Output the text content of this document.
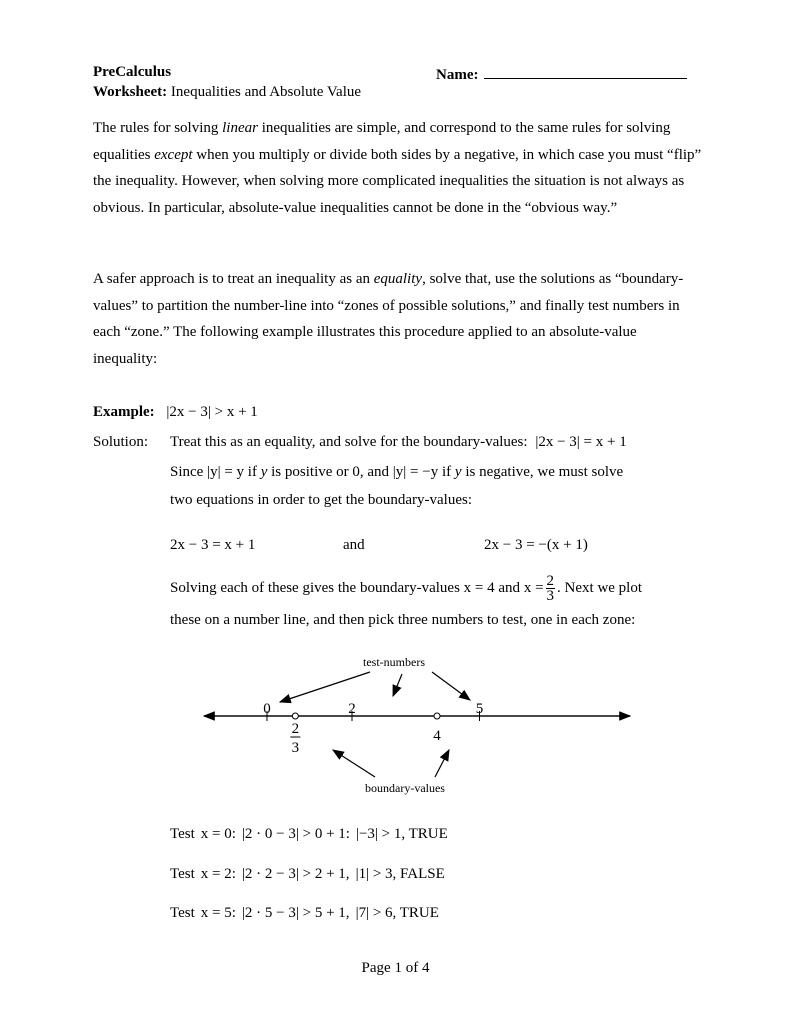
PreCalculus
Worksheet: Inequalities and Absolute Value
Name:
The rules for solving linear inequalities are simple, and correspond to the same rules for solving equalities except when you multiply or divide both sides by a negative, in which case you must “flip” the inequality. However, when solving more complicated inequalities the situation is not always as obvious. In particular, absolute-value inequalities cannot be done in the “obvious way.”
A safer approach is to treat an inequality as an equality, solve that, use the solutions as “boundary-values” to partition the number-line into “zones of possible solutions,” and finally test numbers in each “zone.” The following example illustrates this procedure applied to an absolute-value inequality:
Example: |2x − 3| > x + 1
Solution: Treat this as an equality, and solve for the boundary-values: |2x − 3| = x + 1
Since |y| = y if y is positive or 0, and |y| = −y if y is negative, we must solve
two equations in order to get the boundary-values:
2x − 3 = x + 1	and	2x − 3 = −(x + 1)
Solving each of these gives the boundary-values x = 4 and $x = \frac{2}{3}$ . Next we plot
these on a number line, and then pick three numbers to test, one in each zone:
test-numbers
0	2	5
2
3
4
boundary-values
Test x = 0: |2 · 0 − 3| > 0 + 1: |−3| > 1, TRUE
Test x = 2: |2 · 2 − 3| > 2 + 1, |1| > 3, FALSE
Test x = 5: |2 · 5 − 3| > 5 + 1, |7| > 6, TRUE
Page 1 of 4
